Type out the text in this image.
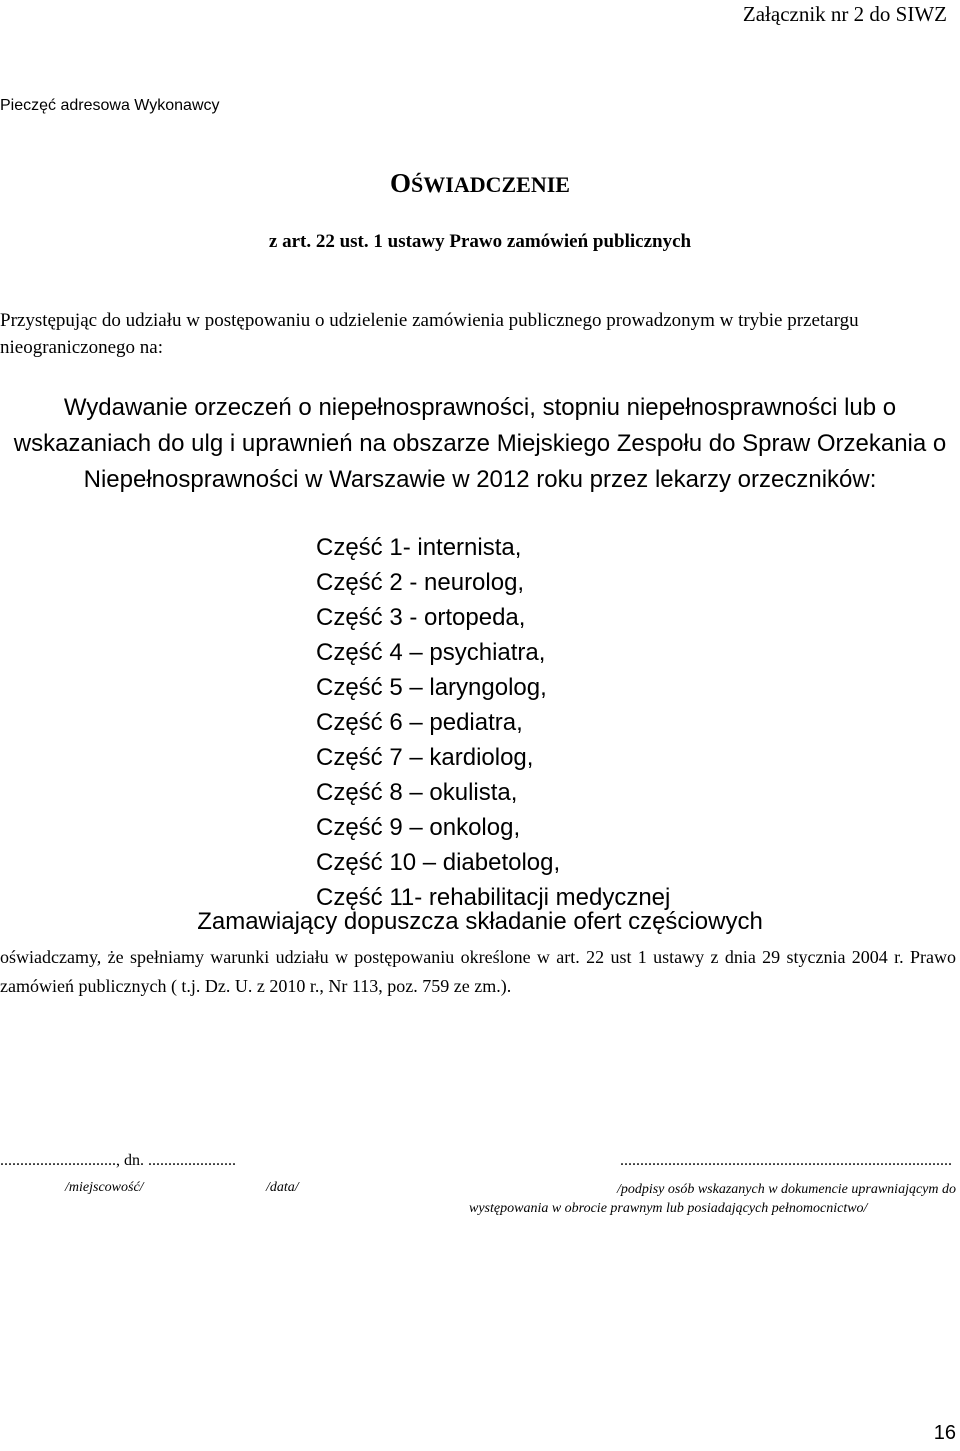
Załącznik nr 2 do SIWZ
Pieczęć adresowa Wykonawcy
OŚWIADCZENIE
z art. 22 ust. 1 ustawy Prawo zamówień publicznych
Przystępując do udziału w postępowaniu o udzielenie zamówienia publicznego prowadzonym w trybie przetargu nieograniczonego na:
Wydawanie orzeczeń o niepełnosprawności, stopniu niepełnosprawności lub o wskazaniach do ulg i uprawnień na obszarze Miejskiego Zespołu do Spraw Orzekania o Niepełnosprawności w Warszawie w 2012 roku przez lekarzy orzeczników:
Część 1- internista,
Część 2 - neurolog,
Część 3 - ortopeda,
Część 4 – psychiatra,
Część 5 – laryngolog,
Część 6 – pediatra,
Część 7 – kardiolog,
Część 8 – okulista,
Część 9 – onkolog,
Część 10 – diabetolog,
Część 11- rehabilitacji medycznej
Zamawiający dopuszcza składanie ofert częściowych
oświadczamy, że spełniamy warunki udziału w postępowaniu określone w art. 22 ust 1 ustawy z dnia 29 stycznia 2004 r. Prawo zamówień publicznych ( t.j. Dz. U. z 2010 r., Nr 113, poz. 759 ze zm.).
............................., dn. ......................	...................................................................................
/miejscowość/	/data/	/podpisy osób wskazanych w dokumencie uprawniającym do
występowania w obrocie prawnym lub posiadających pełnomocnictwo/
16
